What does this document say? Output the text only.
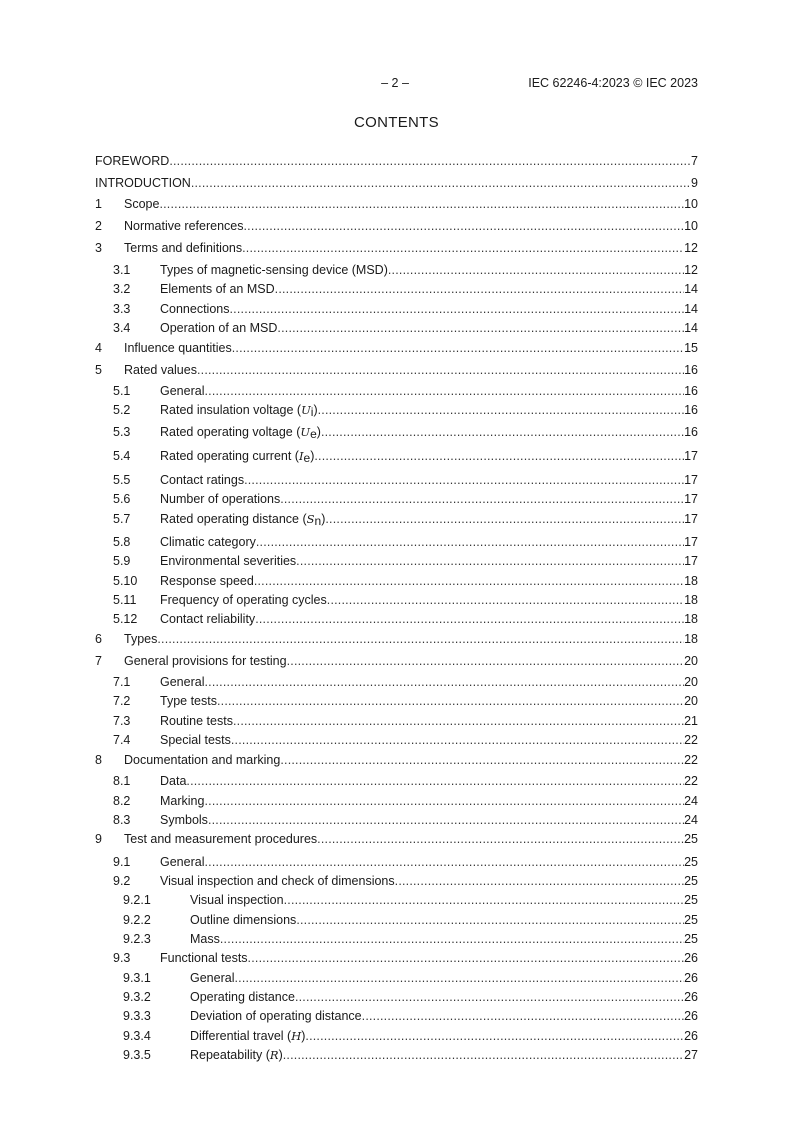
– 2 –	IEC 62246-4:2023 © IEC 2023
CONTENTS
FOREWORD .....	7
INTRODUCTION .....	9
1 Scope .....	10
2 Normative references .....	10
3 Terms and definitions .....	12
3.1 Types of magnetic-sensing device (MSD) .....	12
3.2 Elements of an MSD .....	14
3.3 Connections .....	14
3.4 Operation of an MSD .....	14
4 Influence quantities .....	15
5 Rated values .....	16
5.1 General .....	16
5.2 Rated insulation voltage (Ui) .....	16
5.3 Rated operating voltage (Ue) .....	16
5.4 Rated operating current (Ie) .....	17
5.5 Contact ratings .....	17
5.6 Number of operations .....	17
5.7 Rated operating distance (Sn) .....	17
5.8 Climatic category .....	17
5.9 Environmental severities .....	17
5.10 Response speed .....	18
5.11 Frequency of operating cycles .....	18
5.12 Contact reliability .....	18
6 Types .....	18
7 General provisions for testing .....	20
7.1 General .....	20
7.2 Type tests .....	20
7.3 Routine tests .....	21
7.4 Special tests .....	22
8 Documentation and marking .....	22
8.1 Data .....	22
8.2 Marking .....	24
8.3 Symbols .....	24
9 Test and measurement procedures .....	25
9.1 General .....	25
9.2 Visual inspection and check of dimensions .....	25
9.2.1	Visual inspection .....	25
9.2.2	Outline dimensions .....	25
9.2.3	Mass .....	25
9.3 Functional tests .....	26
9.3.1	General .....	26
9.3.2	Operating distance .....	26
9.3.3	Deviation of operating distance .....	26
9.3.4	Differential travel (H) .....	26
9.3.5	Repeatability (R) .....	27
